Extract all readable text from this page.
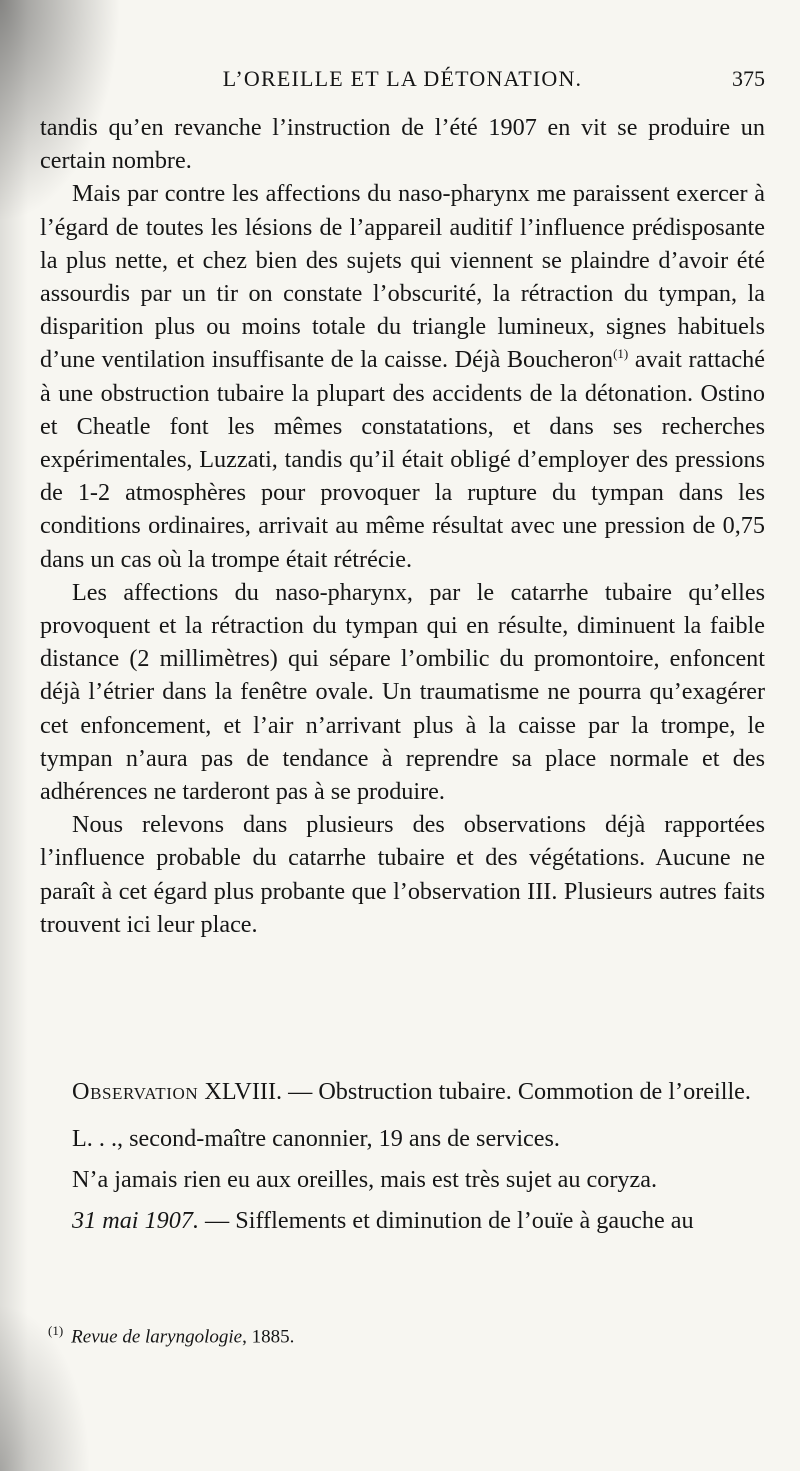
L’OREILLE ET LA DÉTONATION.	375

tandis qu’en revanche l’instruction de l’été 1907 en vit se produire un certain nombre.

Mais par contre les affections du naso-pharynx me paraissent exercer à l’égard de toutes les lésions de l’appareil auditif l’influence prédisposante la plus nette, et chez bien des sujets qui viennent se plaindre d’avoir été assourdis par un tir on constate l’obscurité, la rétraction du tympan, la disparition plus ou moins totale du triangle lumineux, signes habituels d’une ventilation insuffisante de la caisse. Déjà Boucheron$^{(1)}$ avait rattaché à une obstruction tubaire la plupart des accidents de la détonation. Ostino et Cheatle font les mêmes constatations, et dans ses recherches expérimentales, Luzzati, tandis qu’il était obligé d’employer des pressions de 1-2 atmosphères pour provoquer la rupture du tympan dans les conditions ordinaires, arrivait au même résultat avec une pression de 0,75 dans un cas où la trompe était rétrécie.

Les affections du naso-pharynx, par le catarrhe tubaire qu’elles provoquent et la rétraction du tympan qui en résulte, diminuent la faible distance (2 millimètres) qui sépare l’ombilic du promontoire, enfoncent déjà l’étrier dans la fenêtre ovale. Un traumatisme ne pourra qu’exagérer cet enfoncement, et l’air n’arrivant plus à la caisse par la trompe, le tympan n’aura pas de tendance à reprendre sa place normale et des adhérences ne tarderont pas à se produire.

Nous relevons dans plusieurs des observations déjà rapportées l’influence probable du catarrhe tubaire et des végétations. Aucune ne paraît à cet égard plus probante que l’observation III. Plusieurs autres faits trouvent ici leur place.

Observation XLVIII. — Obstruction tubaire. Commotion de l’oreille.

L. . ., second-maître canonnier, 19 ans de services.

N’a jamais rien eu aux oreilles, mais est très sujet au coryza.

31 mai 1907. — Sifflements et diminution de l’ouïe à gauche au

$^{(1)}$ Revue de laryngologie, 1885.
